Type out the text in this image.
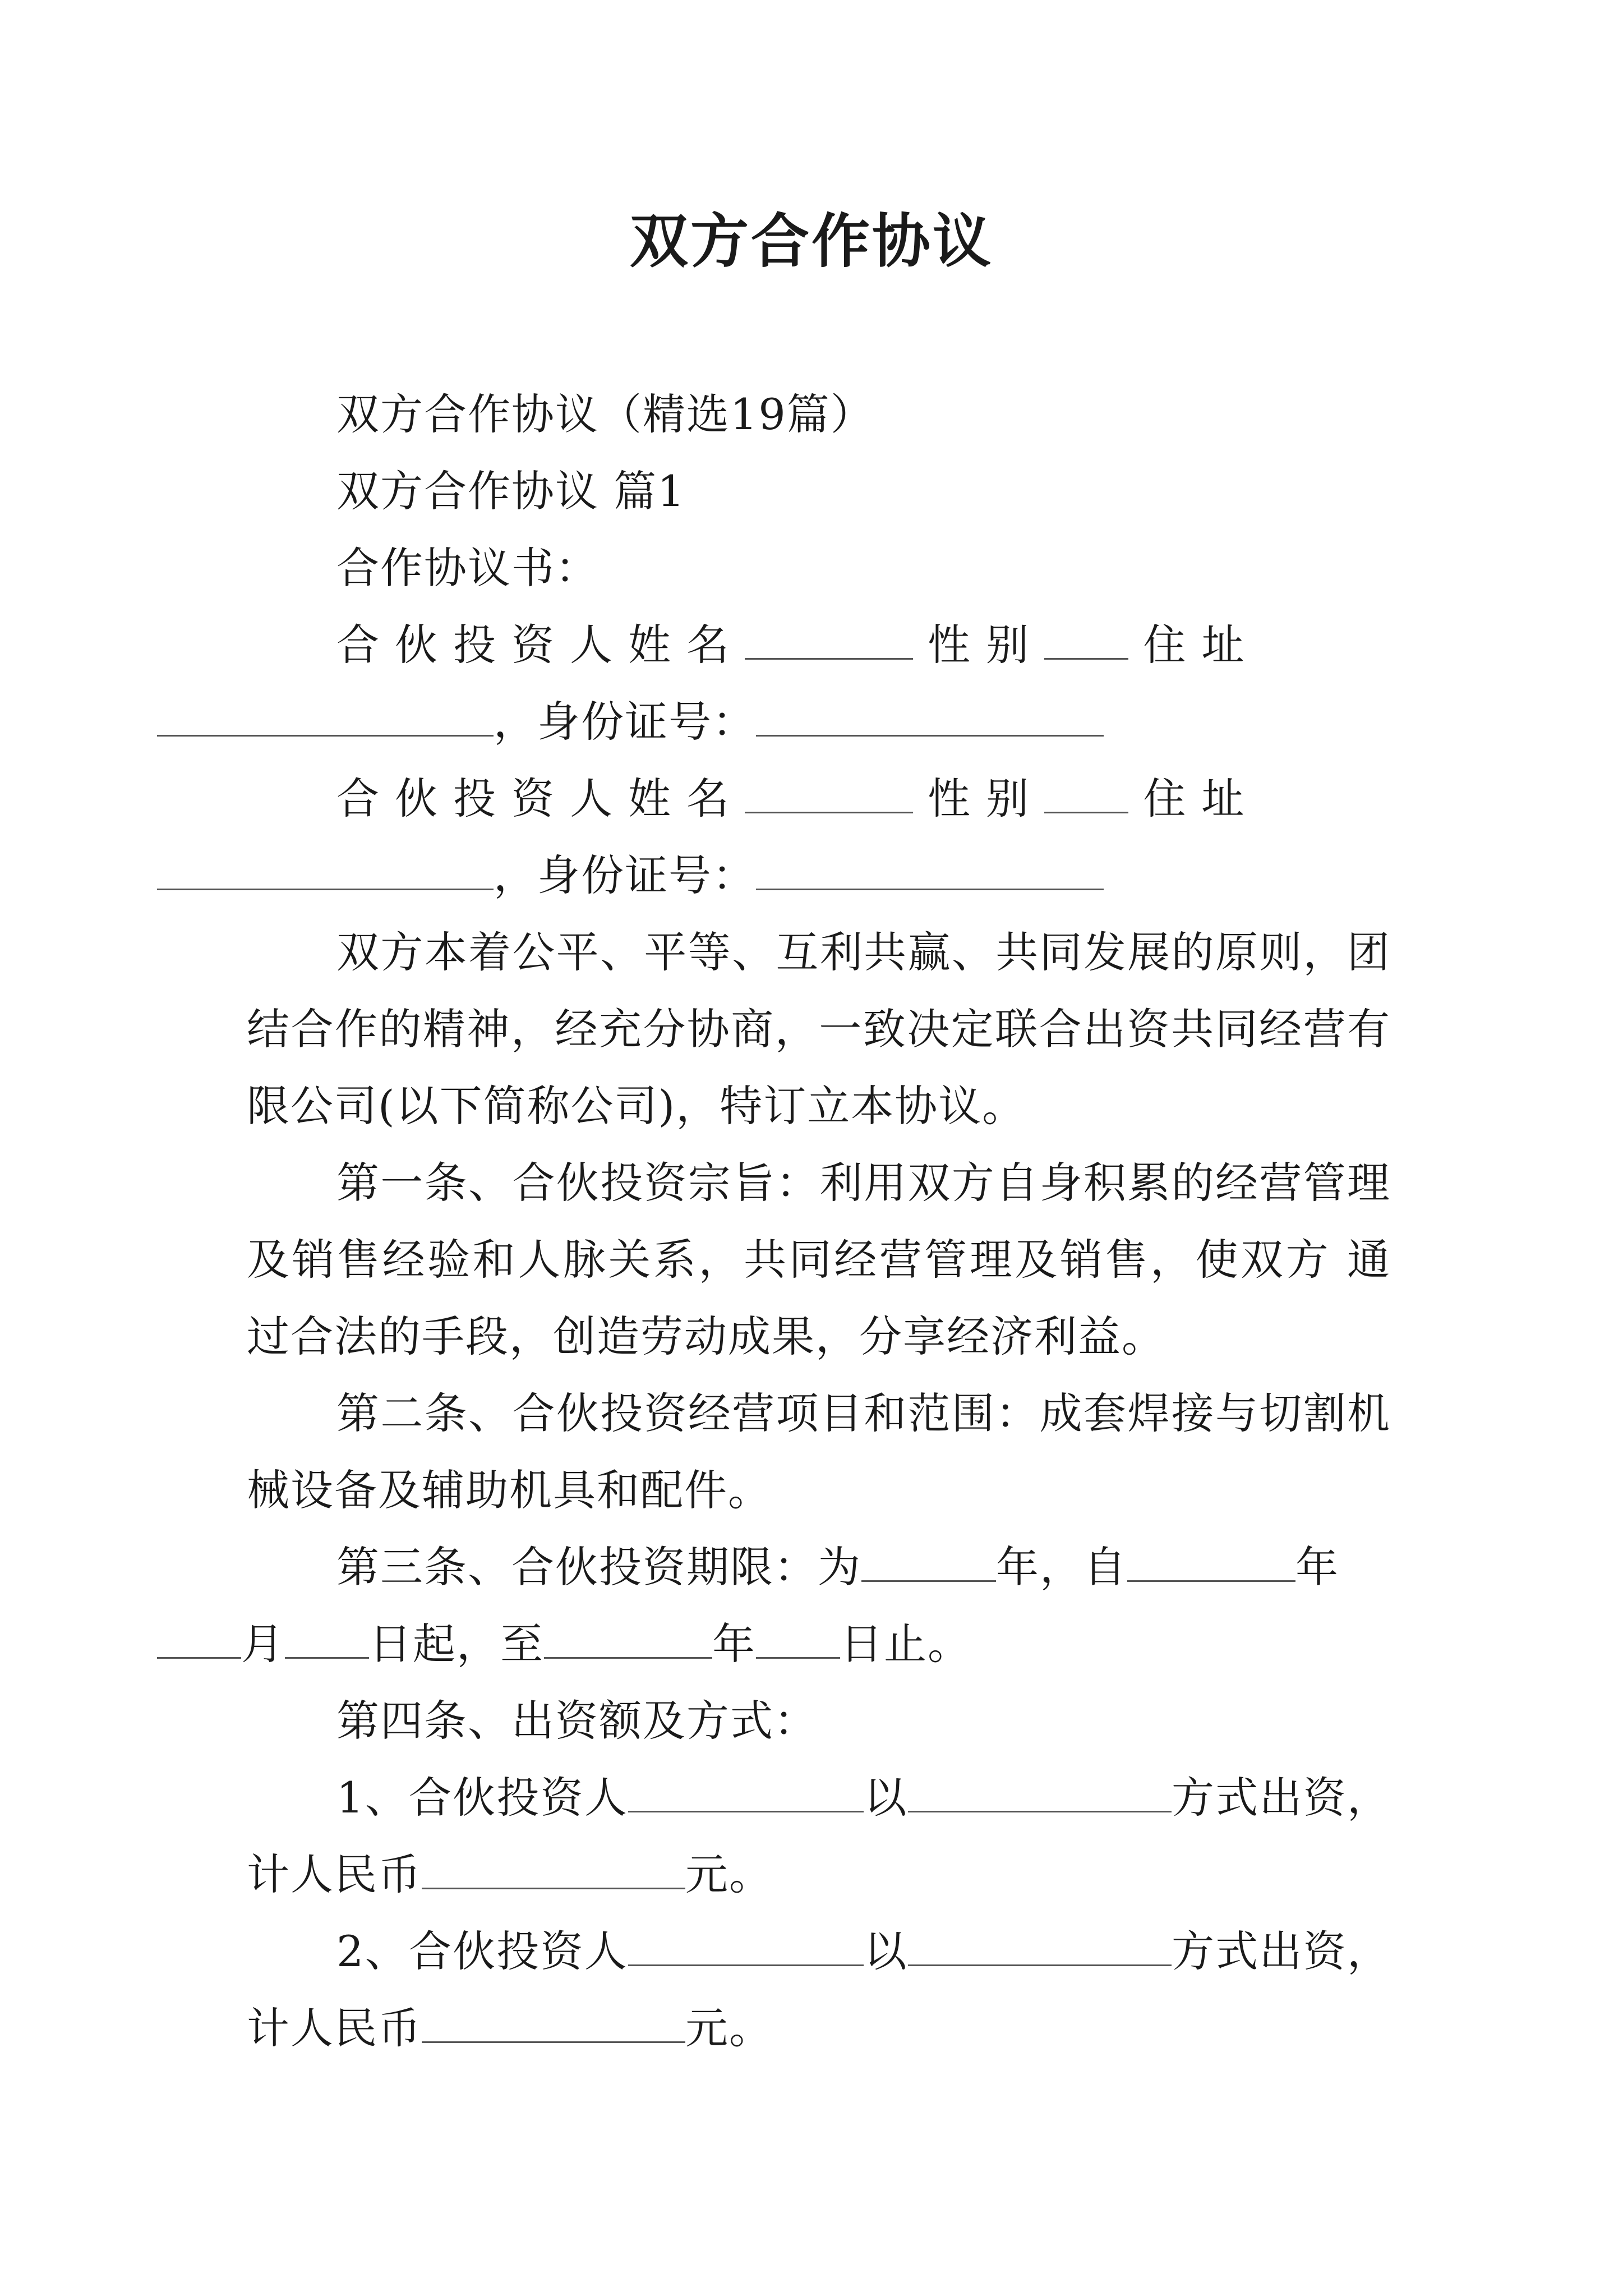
双方合作协议

双方合作协议（精选19篇）

双方合作协议 篇1

合作协议书：

合伙投资人姓名	性别 住址
，身份证号：

合伙投资人姓名	性别 住址
，身份证号：

双方本着公平、平等、互利共赢、共同发展的原则，团结合作的精神，经充分协商，一致决定联合出资共同经营有限公司(以下简称公司)，特订立本协议。

第一条、合伙投资宗旨：利用双方自身积累的经营管理及销售经验和人脉关系，共同经营管理及销售，使双方 通过合法的手段，创造劳动成果，分享经济利益。

第二条、合伙投资经营项目和范围：成套焊接与切割机械设备及辅助机具和配件。

第三条、合伙投资期限：为	年，自	年
月 日起，至	年 日止。

第四条、出资额及方式：

1、合伙投资人	以	方式出资，计人民币	元。

2、合伙投资人	以	方式出资，计人民币	元。
